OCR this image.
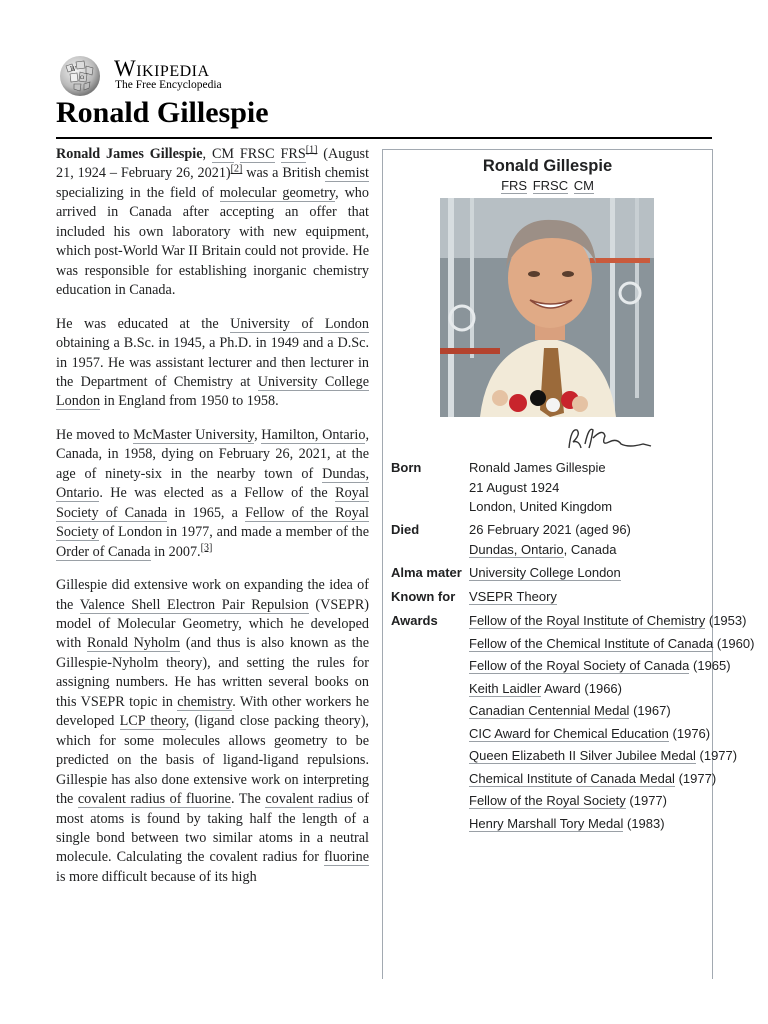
W
Ω Wikipedia
The Free Encyclopedia
Ronald Gillespie

Ronald James Gillespie, CM FRSC FRS[1] (August 21, 1924 – February 26, 2021)[2] was a British chemist specializing in the field of molecular geometry, who arrived in Canada after accepting an offer that included his own laboratory with new equipment, which post-World War II Britain could not provide. He was responsible for establishing inorganic chemistry education in Canada.

He was educated at the University of London obtaining a B.Sc. in 1945, a Ph.D. in 1949 and a D.Sc. in 1957. He was assistant lecturer and then lecturer in the Department of Chemistry at University College London in England from 1950 to 1958.

He moved to McMaster University, Hamilton, Ontario, Canada, in 1958, dying on February 26, 2021, at the age of ninety-six in the nearby town of Dundas, Ontario. He was elected as a Fellow of the Royal Society of Canada in 1965, a Fellow of the Royal Society of London in 1977, and made a member of the Order of Canada in 2007.[3]

Gillespie did extensive work on expanding the idea of the Valence Shell Electron Pair Repulsion (VSEPR) model of Molecular Geometry, which he developed with Ronald Nyholm (and thus is also known as the Gillespie-Nyholm theory), and setting the rules for assigning numbers. He has written several books on this VSEPR topic in chemistry. With other workers he developed LCP theory, (ligand close packing theory), which for some molecules allows geometry to be predicted on the basis of ligand-ligand repulsions. Gillespie has also done extensive work on interpreting the covalent radius of fluorine. The covalent radius of most atoms is found by taking half the length of a single bond between two similar atoms in a neutral molecule. Calculating the covalent radius for fluorine is more difficult because of its high

Ronald Gillespie
FRS FRSC CM
Born	Ronald James Gillespie
21 August 1924
London, United Kingdom
Died	26 February 2021 (aged 96)
Dundas, Ontario, Canada
Alma mater University College London
Known for	VSEPR Theory
Awards	Fellow of the Royal Institute of Chemistry (1953)
Fellow of the Chemical Institute of Canada (1960)
Fellow of the Royal Society of Canada (1965)
Keith Laidler Award (1966)
Canadian Centennial Medal (1967)
CIC Award for Chemical Education (1976)
Queen Elizabeth II Silver Jubilee Medal (1977)
Chemical Institute of Canada Medal (1977)
Fellow of the Royal Society (1977)
Henry Marshall Tory Medal (1983)
